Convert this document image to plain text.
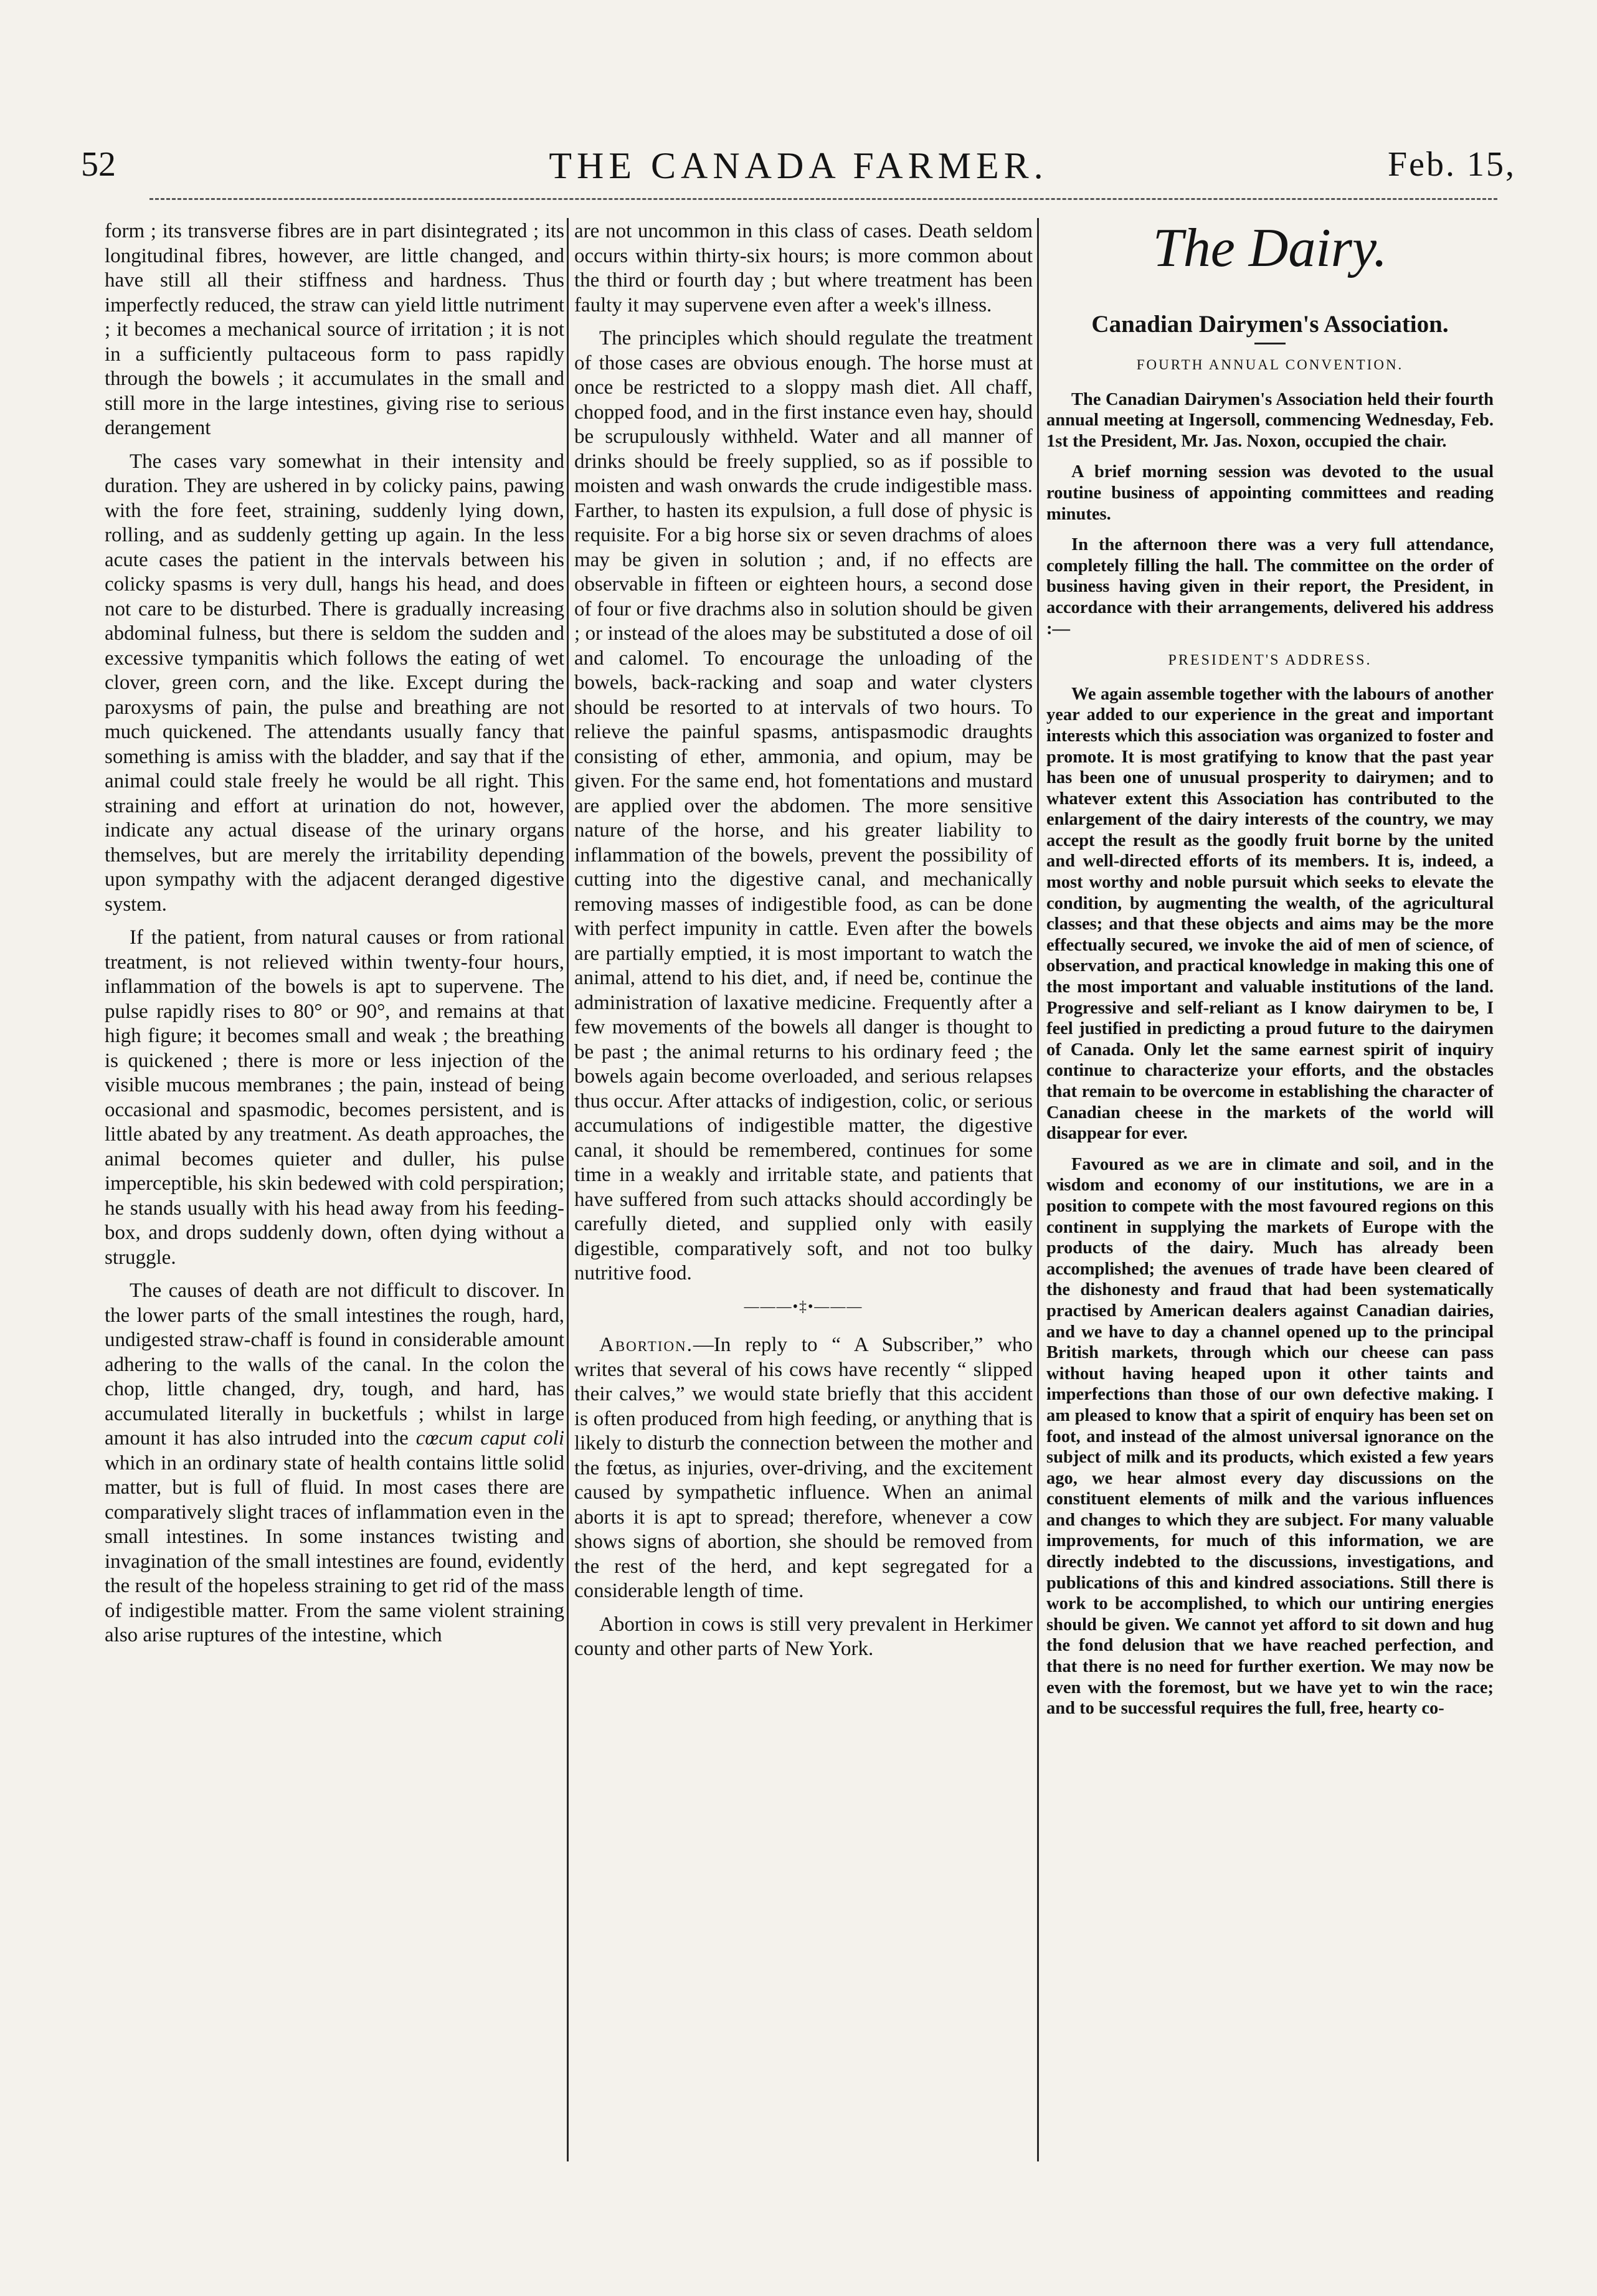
52	THE CANADA FARMER.	Feb. 15,

form ; its transverse fibres are in part disintegrated ; its longitudinal fibres, however, are little changed, and have still all their stiffness and hardness. Thus imperfectly reduced, the straw can yield little nutriment ; it becomes a mechanical source of irritation ; it is not in a sufficiently pultaceous form to pass rapidly through the bowels ; it accumulates in the small and still more in the large intestines, giving rise to serious derangement

The cases vary somewhat in their intensity and duration. They are ushered in by colicky pains, pawing with the fore feet, straining, suddenly lying down, rolling, and as suddenly getting up again. In the less acute cases the patient in the intervals between his colicky spasms is very dull, hangs his head, and does not care to be disturbed. There is gradually increasing abdominal fulness, but there is seldom the sudden and excessive tympanitis which follows the eating of wet clover, green corn, and the like. Except during the paroxysms of pain, the pulse and breathing are not much quickened. The attendants usually fancy that something is amiss with the bladder, and say that if the animal could stale freely he would be all right. This straining and effort at urination do not, however, indicate any actual disease of the urinary organs themselves, but are merely the irritability depending upon sympathy with the adjacent deranged digestive system.

If the patient, from natural causes or from rational treatment, is not relieved within twenty-four hours, inflammation of the bowels is apt to supervene. The pulse rapidly rises to 80° or 90°, and remains at that high figure; it becomes small and weak ; the breathing is quickened ; there is more or less injection of the visible mucous membranes ; the pain, instead of being occasional and spasmodic, becomes persistent, and is little abated by any treatment. As death approaches, the animal becomes quieter and duller, his pulse imperceptible, his skin bedewed with cold perspiration; he stands usually with his head away from his feeding-box, and drops suddenly down, often dying without a struggle.

The causes of death are not difficult to discover. In the lower parts of the small intestines the rough, hard, undigested straw-chaff is found in considerable amount adhering to the walls of the canal. In the colon the chop, little changed, dry, tough, and hard, has accumulated literally in bucketfuls ; whilst in large amount it has also intruded into the cœcum caput coli which in an ordinary state of health contains little solid matter, but is full of fluid. In most cases there are comparatively slight traces of inflammation even in the small intestines. In some instances twisting and invagination of the small intestines are found, evidently the result of the hopeless straining to get rid of the mass of indigestible matter. From the same violent straining also arise ruptures of the intestine, which

are not uncommon in this class of cases. Death seldom occurs within thirty-six hours; is more common about the third or fourth day ; but where treatment has been faulty it may supervene even after a week's illness.

The principles which should regulate the treatment of those cases are obvious enough. The horse must at once be restricted to a sloppy mash diet. All chaff, chopped food, and in the first instance even hay, should be scrupulously withheld. Water and all manner of drinks should be freely supplied, so as if possible to moisten and wash onwards the crude indigestible mass. Farther, to hasten its expulsion, a full dose of physic is requisite. For a big horse six or seven drachms of aloes may be given in solution ; and, if no effects are observable in fifteen or eighteen hours, a second dose of four or five drachms also in solution should be given ; or instead of the aloes may be substituted a dose of oil and calomel. To encourage the unloading of the bowels, back-racking and soap and water clysters should be resorted to at intervals of two hours. To relieve the painful spasms, antispasmodic draughts consisting of ether, ammonia, and opium, may be given. For the same end, hot fomentations and mustard are applied over the abdomen. The more sensitive nature of the horse, and his greater liability to inflammation of the bowels, prevent the possibility of cutting into the digestive canal, and mechanically removing masses of indigestible food, as can be done with perfect impunity in cattle. Even after the bowels are partially emptied, it is most important to watch the animal, attend to his diet, and, if need be, continue the administration of laxative medicine. Frequently after a few movements of the bowels all danger is thought to be past ; the animal returns to his ordinary feed ; the bowels again become overloaded, and serious relapses thus occur. After attacks of indigestion, colic, or serious accumulations of indigestible matter, the digestive canal, it should be remembered, continues for some time in a weakly and irritable state, and patients that have suffered from such attacks should accordingly be carefully dieted, and supplied only with easily digestible, comparatively soft, and not too bulky nutritive food.

———•‡•———

Abortion.—In reply to “ A Subscriber,” who writes that several of his cows have recently “ slipped their calves,” we would state briefly that this accident is often produced from high feeding, or anything that is likely to disturb the connection between the mother and the fœtus, as injuries, over-driving, and the excitement caused by sympathetic influence. When an animal aborts it is apt to spread; therefore, whenever a cow shows signs of abortion, she should be removed from the rest of the herd, and kept segregated for a considerable length of time.

Abortion in cows is still very prevalent in Herkimer county and other parts of New York.

The Dairy.
Canadian Dairymen's Association.
FOURTH ANNUAL CONVENTION.

The Canadian Dairymen's Association held their fourth annual meeting at Ingersoll, commencing Wednesday, Feb. 1st the President, Mr. Jas. Noxon, occupied the chair.

A brief morning session was devoted to the usual routine business of appointing committees and reading minutes.

In the afternoon there was a very full attendance, completely filling the hall. The committee on the order of business having given in their report, the President, in accordance with their arrangements, delivered his address :—

PRESIDENT'S ADDRESS.

We again assemble together with the labours of another year added to our experience in the great and important interests which this association was organized to foster and promote. It is most gratifying to know that the past year has been one of unusual prosperity to dairymen; and to whatever extent this Association has contributed to the enlargement of the dairy interests of the country, we may accept the result as the goodly fruit borne by the united and well-directed efforts of its members. It is, indeed, a most worthy and noble pursuit which seeks to elevate the condition, by augmenting the wealth, of the agricultural classes; and that these objects and aims may be the more effectually secured, we invoke the aid of men of science, of observation, and practical knowledge in making this one of the most important and valuable institutions of the land. Progressive and self-reliant as I know dairymen to be, I feel justified in predicting a proud future to the dairymen of Canada. Only let the same earnest spirit of inquiry continue to characterize your efforts, and the obstacles that remain to be overcome in establishing the character of Canadian cheese in the markets of the world will disappear for ever.

Favoured as we are in climate and soil, and in the wisdom and economy of our institutions, we are in a position to compete with the most favoured regions on this continent in supplying the markets of Europe with the products of the dairy. Much has already been accomplished; the avenues of trade have been cleared of the dishonesty and fraud that had been systematically practised by American dealers against Canadian dairies, and we have to day a channel opened up to the principal British markets, through which our cheese can pass without having heaped upon it other taints and imperfections than those of our own defective making. I am pleased to know that a spirit of enquiry has been set on foot, and instead of the almost universal ignorance on the subject of milk and its products, which existed a few years ago, we hear almost every day discussions on the constituent elements of milk and the various influences and changes to which they are subject. For many valuable improvements, for much of this information, we are directly indebted to the discussions, investigations, and publications of this and kindred associations. Still there is work to be accomplished, to which our untiring energies should be given. We cannot yet afford to sit down and hug the fond delusion that we have reached perfection, and that there is no need for further exertion. We may now be even with the foremost, but we have yet to win the race; and to be successful requires the full, free, hearty co-
